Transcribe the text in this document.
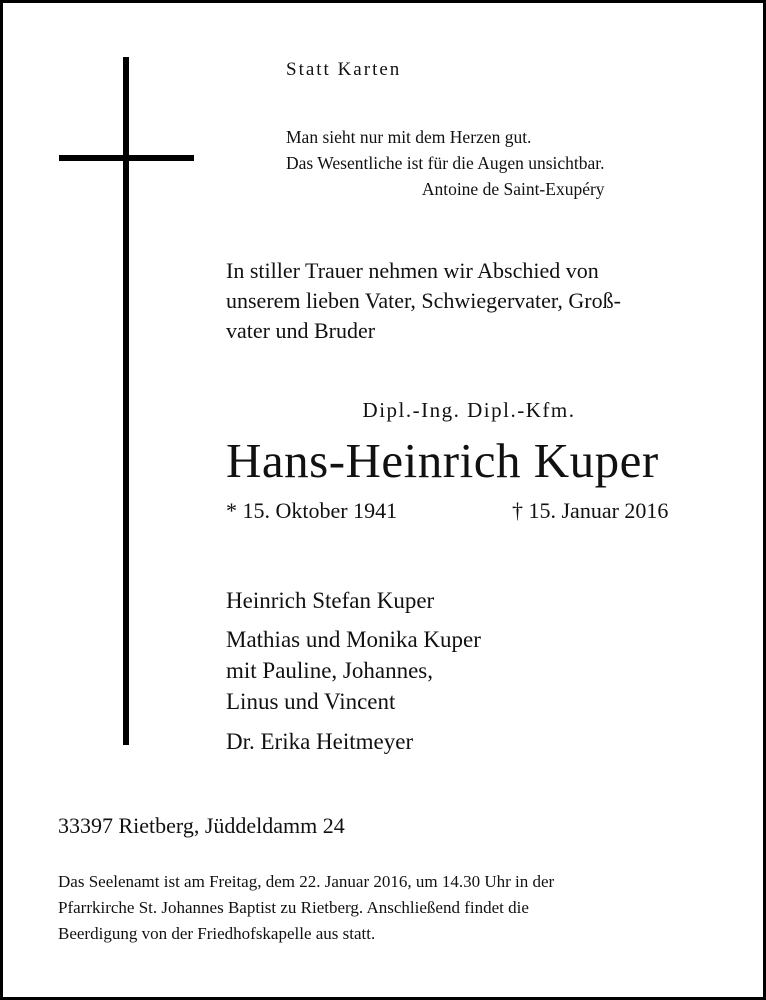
Statt Karten

Man sieht nur mit dem Herzen gut.
Das Wesentliche ist für die Augen unsichtbar.
Antoine de Saint-Exupéry
In stiller Trauer nehmen wir Abschied von
unserem lieben Vater, Schwiegervater, Groß-
vater und Bruder

Dipl.-Ing. Dipl.-Kfm.

Hans-Heinrich Kuper

* 15. Oktober 1941	† 15. Januar 2016

Heinrich Stefan Kuper

Mathias und Monika Kuper
mit Pauline, Johannes,
Linus und Vincent

Dr. Erika Heitmeyer

33397 Rietberg, Jüddeldamm 24

Das Seelenamt ist am Freitag, dem 22. Januar 2016, um 14.30 Uhr in der
Pfarrkirche St. Johannes Baptist zu Rietberg. Anschließend findet die
Beerdigung von der Friedhofskapelle aus statt.
